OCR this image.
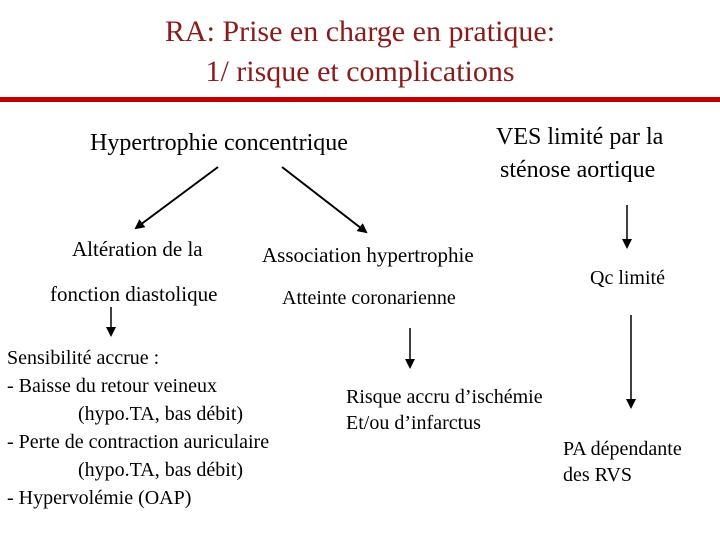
RA: Prise en charge en pratique:
1/ risque et complications
Hypertrophie concentrique	VES limité par la
sténose aortique
Altération de la
fonction diastolique
Association hypertrophie
Atteinte coronarienne
Qc limité
Sensibilité accrue :
- Baisse du retour veineux
(hypo.TA, bas débit)
- Perte de contraction auriculaire
(hypo.TA, bas débit)
- Hypervolémie (OAP)
Risque accru d’ischémie
Et/ou d’infarctus
PA dépendante
des RVS
